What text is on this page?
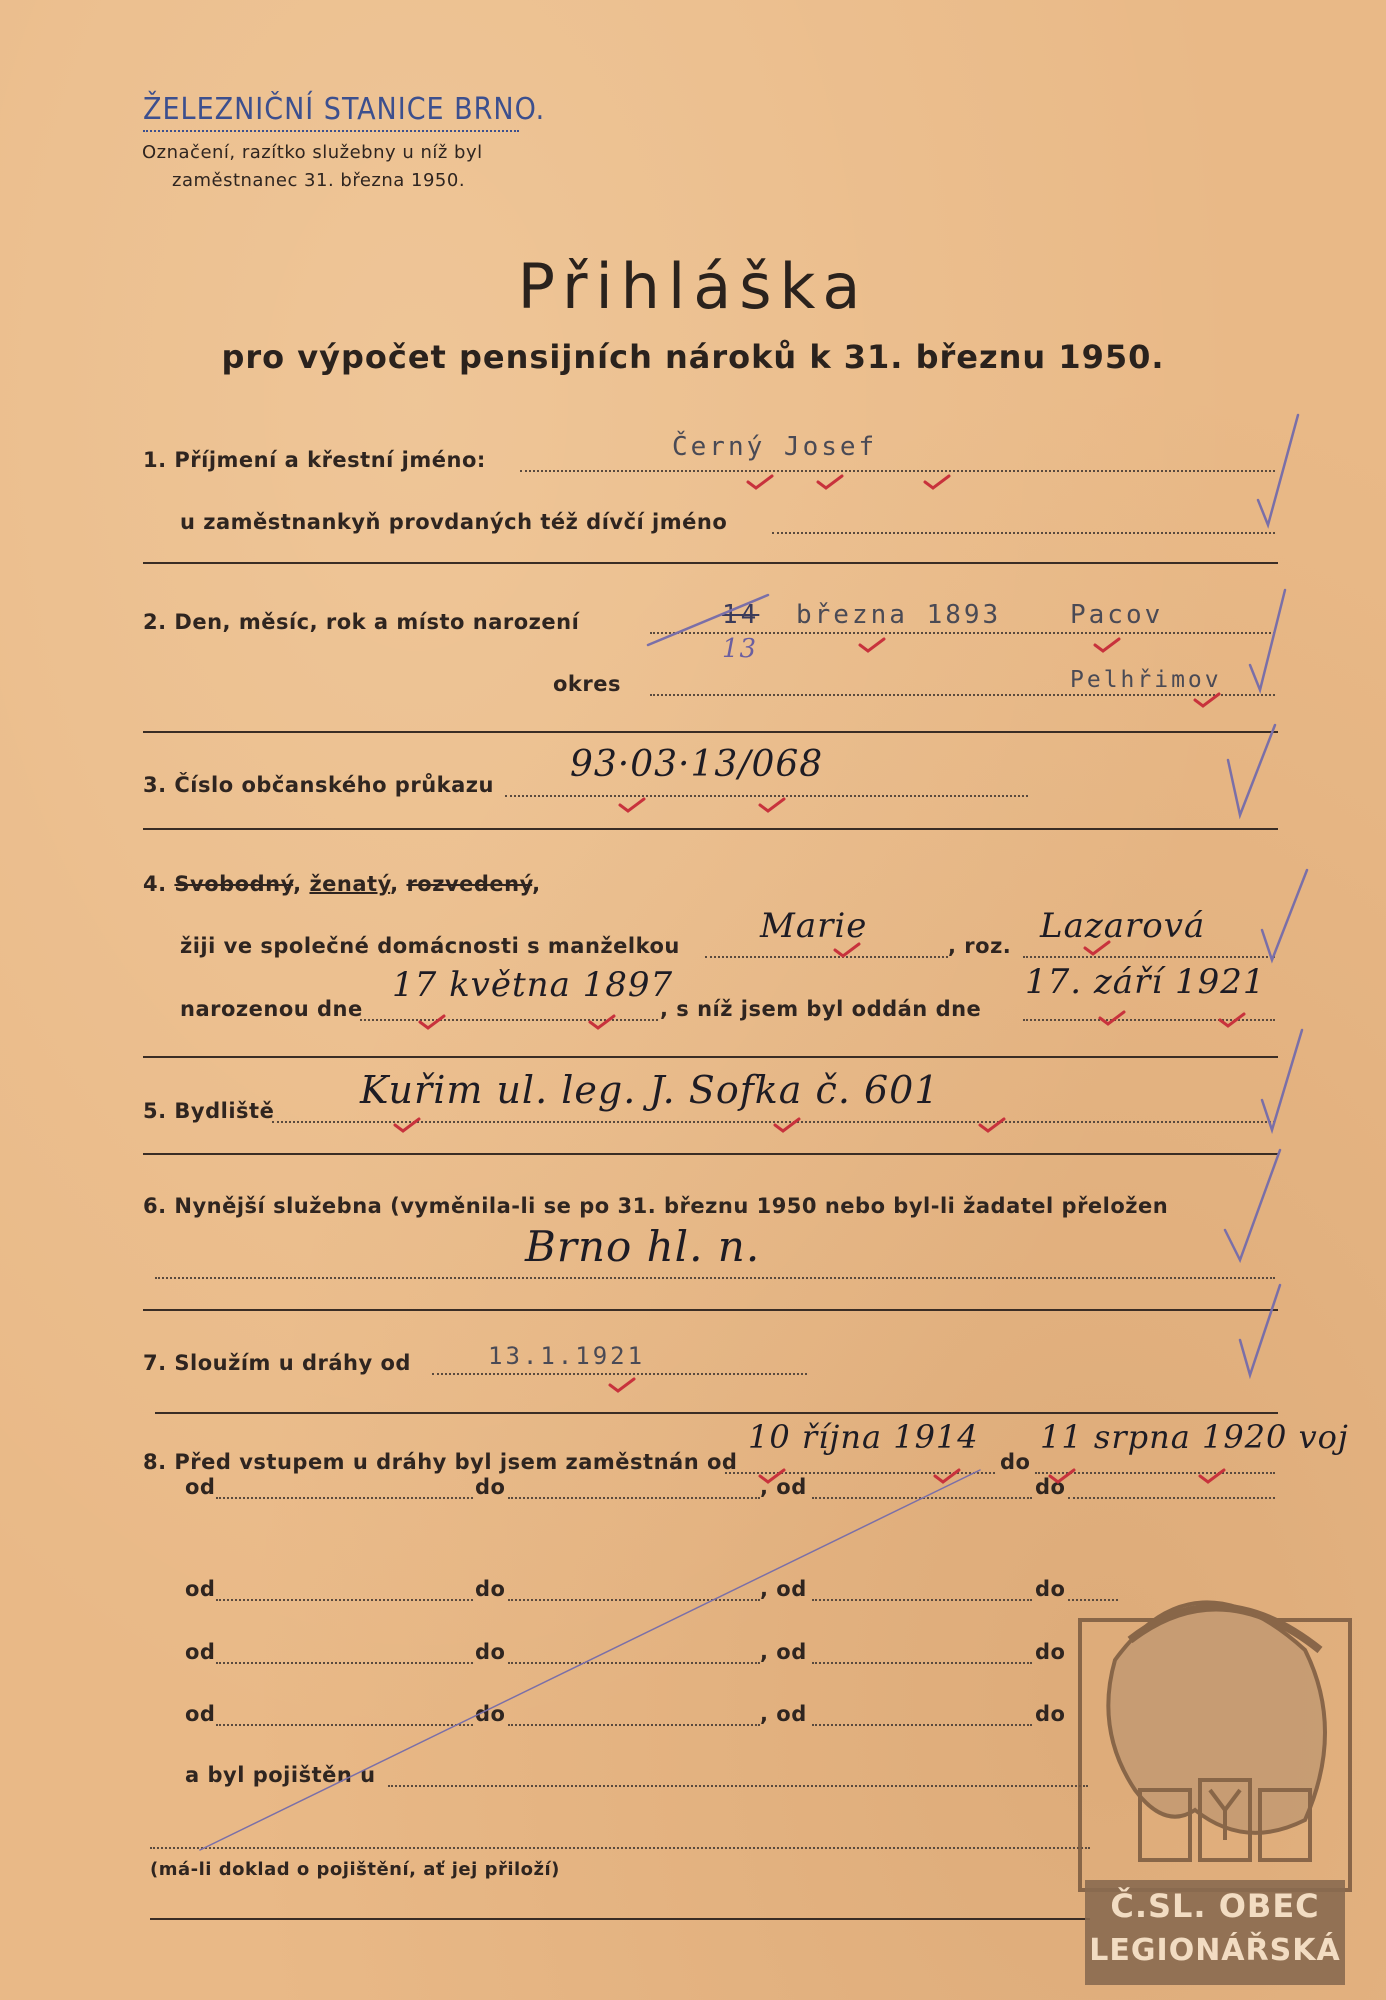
ŽELEZNIČNÍ STANICE BRNO.
Označení, razítko služebny u níž byl
zaměstnanec 31. března 1950.
Přihláška
pro výpočet pensijních nároků k 31. březnu 1950.
1. Příjmení a křestní jméno:	Černý Josef
u zaměstnankyň provdaných též dívčí jméno
2. Den, měsíc, rok a místo narození	14
13
března 1893	Pacov
okres	Pelhřimov
3. Číslo občanského průkazu 93·03·13/068
4. Svobodný, ženatý, rozvedený,
žiji ve společné domácnosti s manželkou Marie	, roz. Lazarová
narozenou dne
17 května 1897
, s níž jsem byl oddán dne
17. září 1921
5. Bydliště Kuřim ul. leg. J. Sofka č. 601
6. Nynější služebna (vyměnila-li se po 31. březnu 1950 nebo byl-li žadatel přeložen
Brno hl. n.
7. Sloužím u dráhy od	13.1.1921
8. Před vstupem u dráhy byl jsem zaměstnán od
10 října 1914
do
11 srpna 1920 voj
od	do	, od	do
od	do	, od	do
od	do	, od	do
od	do	, od	do
a byl pojištěn u
(má-li doklad o pojištění, ať jej přiloží)
Č.SL. OBEC
LEGIONÁŘSKÁ
